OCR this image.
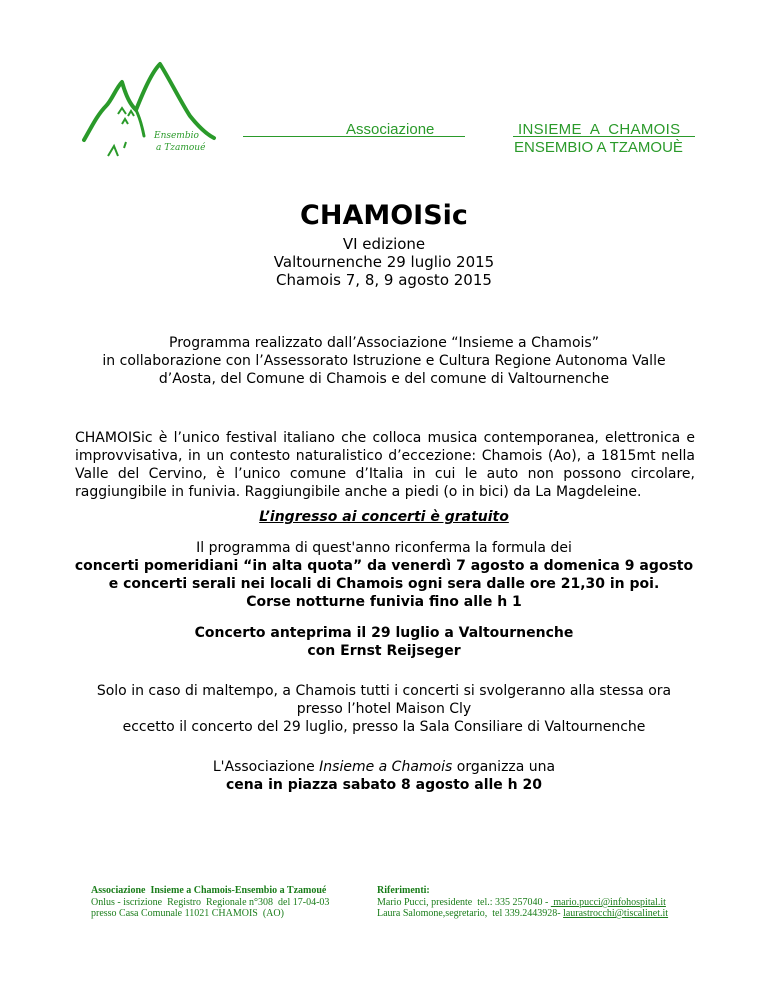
Ensembio
a Tzamoué
Associazione	INSIEME  A  CHAMOIS
ENSEMBIO A TZAMOUÈ
CHAMOISic
VI edizione
Valtournenche 29 luglio 2015
Chamois 7, 8, 9 agosto 2015
Programma realizzato dall’Associazione “Insieme a Chamois”
in collaborazione con l’Assessorato Istruzione e Cultura Regione Autonoma Valle
d’Aosta, del Comune di Chamois e del comune di Valtournenche
CHAMOISic è l’unico festival italiano che colloca musica contemporanea, elettronica e improvvisativa, in un contesto naturalistico d’eccezione: Chamois (Ao), a 1815mt nella Valle del Cervino, è l’unico comune d’Italia in cui le auto non possono circolare, raggiungibile in funivia. Raggiungibile anche a piedi (o in bici) da La Magdeleine.
L’ingresso ai concerti è gratuito
Il programma di quest'anno riconferma la formula dei
concerti pomeridiani “in alta quota” da venerdì 7 agosto a domenica 9 agosto
e concerti serali nei locali di Chamois ogni sera dalle ore 21,30 in poi.
Corse notturne funivia fino alle h 1
Concerto anteprima il 29 luglio a Valtournenche
con Ernst Reijseger
Solo in caso di maltempo, a Chamois tutti i concerti si svolgeranno alla stessa ora
presso l’hotel Maison Cly
eccetto il concerto del 29 luglio, presso la Sala Consiliare di Valtournenche
L'Associazione Insieme a Chamois organizza una
cena in piazza sabato 8 agosto alle h 20
Associazione  Insieme a Chamois-Ensembio a Tzamoué
Onlus - iscrizione  Registro  Regionale n°308  del 17-04-03
presso Casa Comunale 11021 CHAMOIS  (AO)
Riferimenti:
Mario Pucci, presidente  tel.: 335 257040 -  mario.pucci@infohospital.it
Laura Salomone,segretario,  tel 339.2443928- laurastrocchi@tiscalinet.it
